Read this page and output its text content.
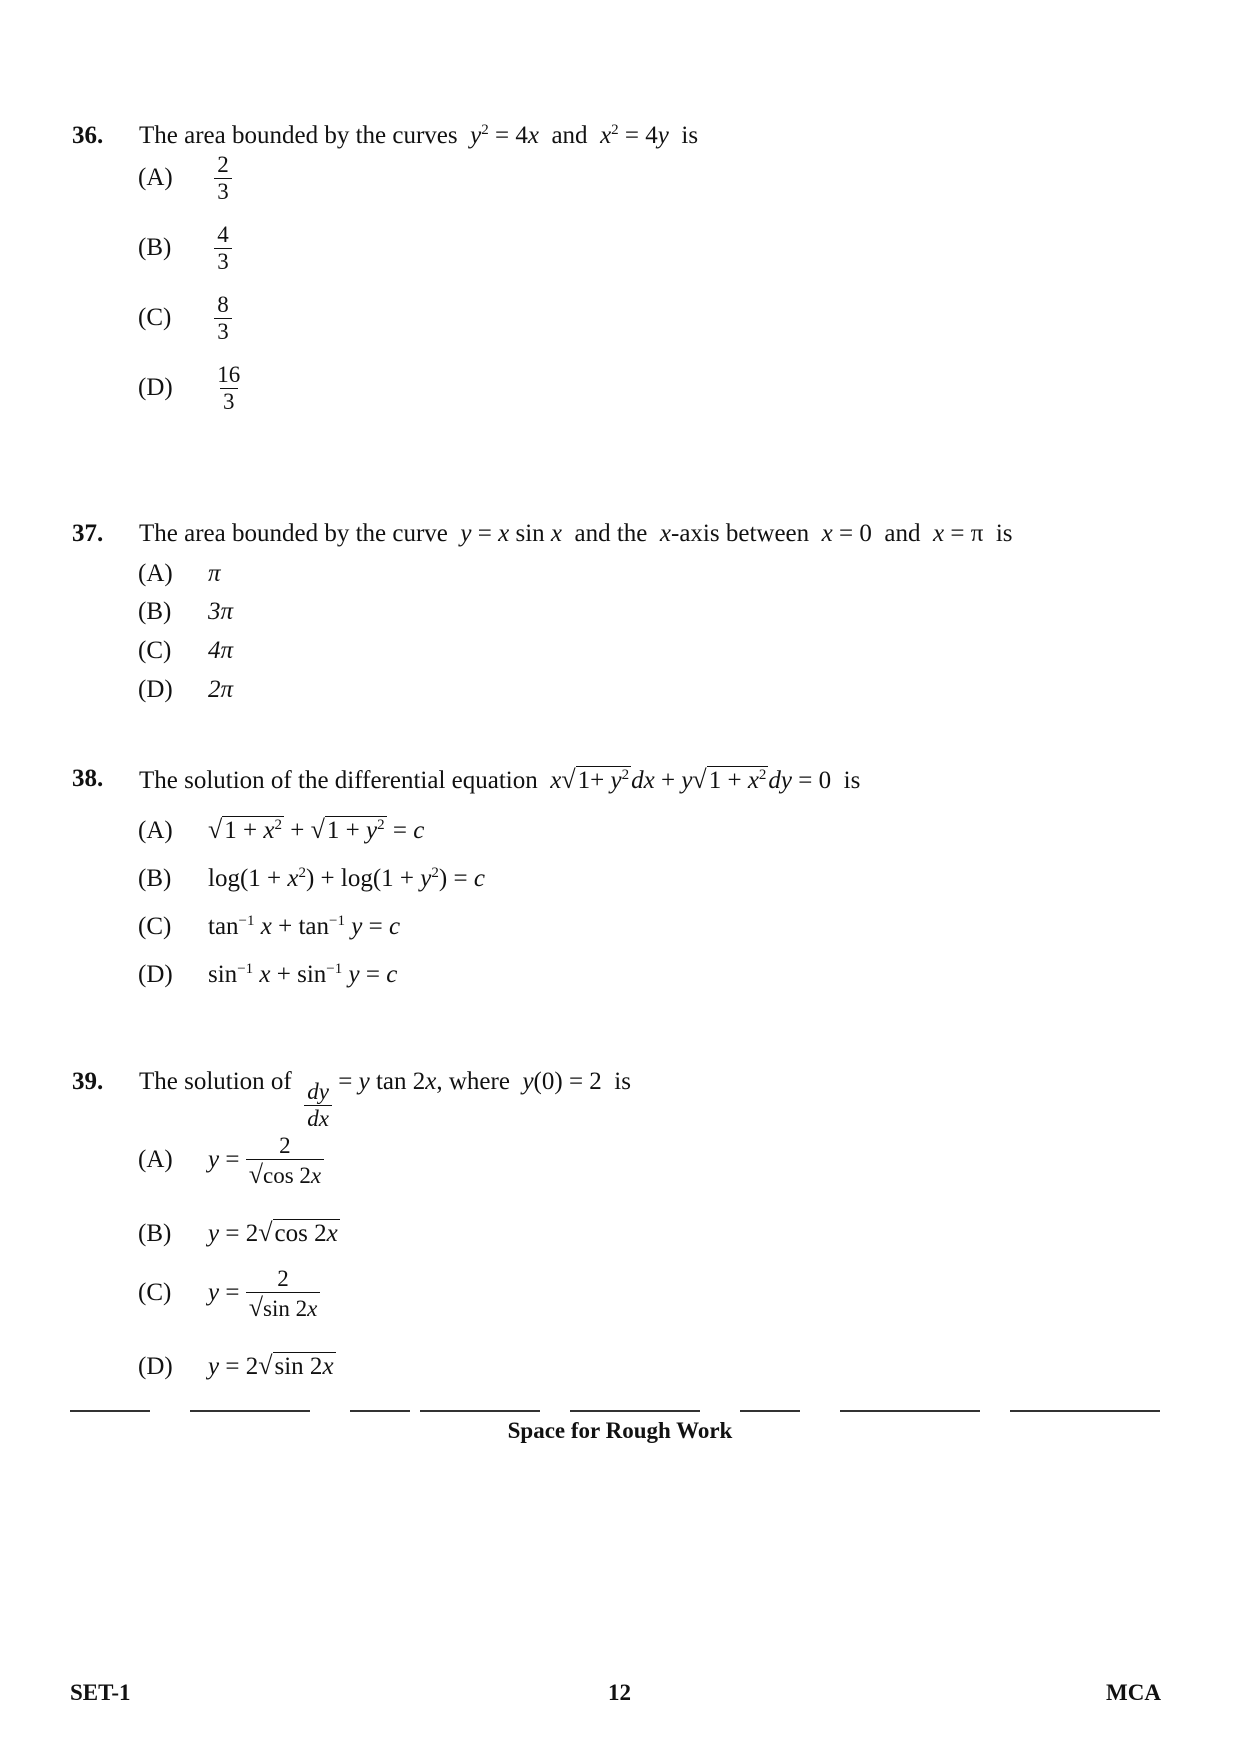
36. The area bounded by the curves $y^2 = 4x$ and $x^2 = 4y$ is
$(A) \frac{2}{3}$
$(B) \frac{4}{3}$
$(C) \frac{8}{3}$
$(D) \frac{16}{3}$
37. The area bounded by the curve y = x sin x and the  x-axis between x = 0  and x = π  is
(A) π
(B) 3π
(C) 4π
(D) 2π
38. The solution of the differential equation $x√1+ y^2dx + y√1 + x^2dy = 0$  is
(A) $√1 + x^2 + √1 + y^2 = c$
(B) $\log(1 + x^2) + \log(1 + y^2) = c$
(C) $\tan^{-1} x + \tan^{-1} y = c$
(D) $\sin^{-1} x + \sin^{-1} y = c$
39. The solution of $\frac{dy}{dx} = y$ tan 2x, where y(0) = 2  is
(A) $y = \frac{2}{√\cos 2x}$
(B) y = 2√cos 2x
(C) $y = \frac{2}{√\sin 2x}$
(D) y = 2√sin 2x
Space for Rough Work
SET-1	12	MCA
